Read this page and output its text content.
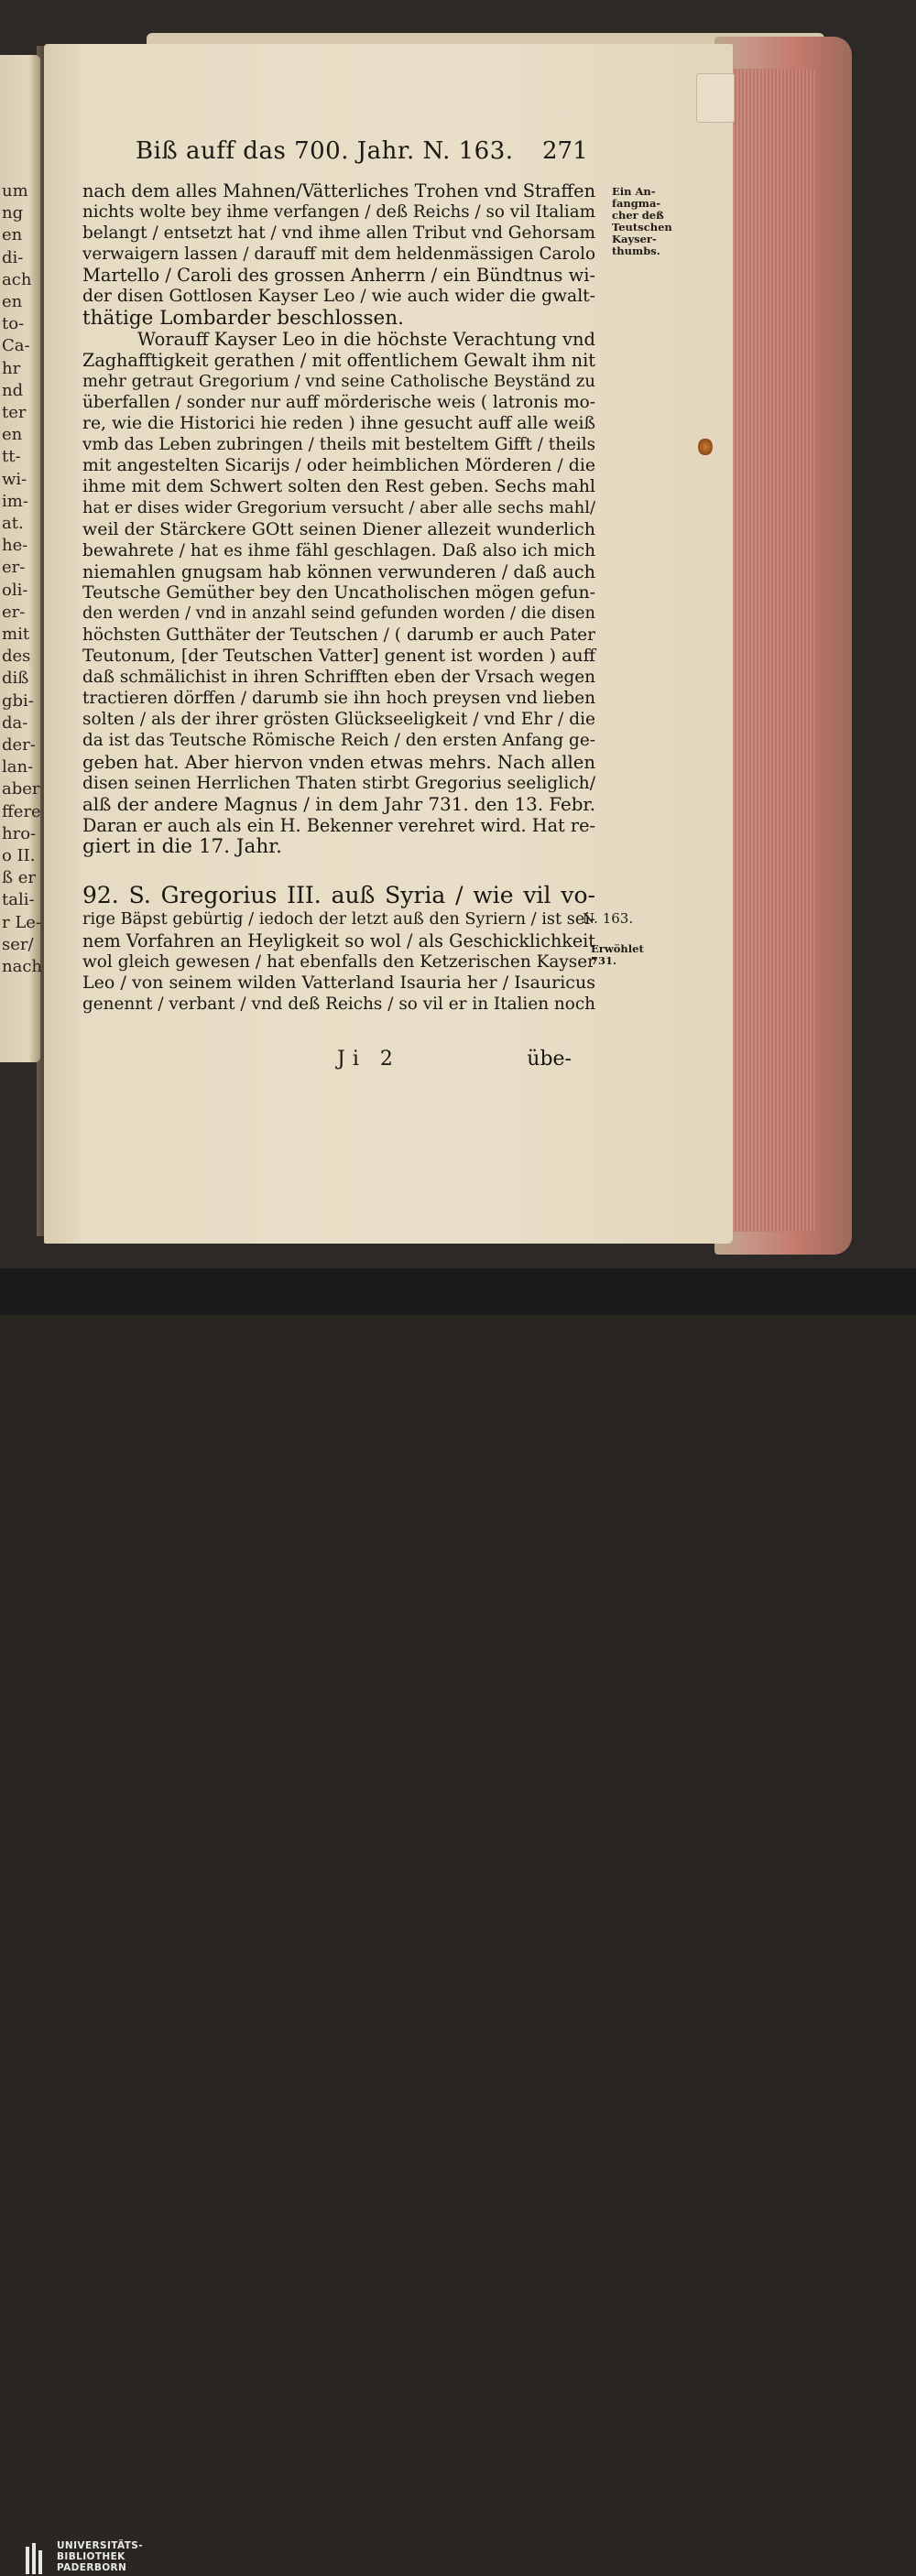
um
ng
en
di-
ach
en
to-
Ca-
hr
nd
ter
en
tt-
wi-
im-
at.
he-
er-
oli-
er-
mit
des
diß
gbi-
da-
der-
lan-
aber
ffere
hro-
o II.
ß er
tali-
r Le-
ser/
nach
Biß auff das 700. Jahr. N. 163. 271
nach dem alles Mahnen/Vätterliches Trohen vnd Straffen
nichts wolte bey ihme verfangen / deß Reichs / so vil Italiam
belangt / entsetzt hat / vnd ihme allen Tribut vnd Gehorsam
verwaigern lassen / darauff mit dem heldenmässigen Carolo
Martello / Caroli des grossen Anherrn / ein Bündtnus wi-
der disen Gottlosen Kayser Leo / wie auch wider die gwalt-
thätige Lombarder beschlossen.
Worauff Kayser Leo in die höchste Verachtung vnd
Zaghafftigkeit gerathen / mit offentlichem Gewalt ihm nit
mehr getraut Gregorium / vnd seine Catholische Beyständ zu
überfallen / sonder nur auff mörderische weis ( latronis mo-
re, wie die Historici hie reden ) ihne gesucht auff alle weiß
vmb das Leben zubringen / theils mit besteltem Gifft / theils
mit angestelten Sicarijs / oder heimblichen Mörderen / die
ihme mit dem Schwert solten den Rest geben. Sechs mahl
hat er dises wider Gregorium versucht / aber alle sechs mahl/
weil der Stärckere GOtt seinen Diener allezeit wunderlich
bewahrete / hat es ihme fähl geschlagen. Daß also ich mich
niemahlen gnugsam hab können verwunderen / daß auch
Teutsche Gemüther bey den Uncatholischen mögen gefun-
den werden / vnd in anzahl seind gefunden worden / die disen
höchsten Gutthäter der Teutschen / ( darumb er auch Pater
Teutonum, [der Teutschen Vatter] genent ist worden ) auff
daß schmälichist in ihren Schrifften eben der Vrsach wegen
tractieren dörffen / darumb sie ihn hoch preysen vnd lieben
solten / als der ihrer grösten Glückseeligkeit / vnd Ehr / die
da ist das Teutsche Römische Reich / den ersten Anfang ge-
geben hat. Aber hiervon vnden etwas mehrs. Nach allen
disen seinen Herrlichen Thaten stirbt Gregorius seeliglich/
alß der andere Magnus / in dem Jahr 731. den 13. Febr.
Daran er auch als ein H. Bekenner verehret wird. Hat re-
giert in die 17. Jahr.
92. S. Gregorius III. auß Syria / wie vil vo-
rige Bäpst gebürtig / iedoch der letzt auß den Syriern / ist sei-
nem Vorfahren an Heyligkeit so wol / als Geschicklichkeit
wol gleich gewesen / hat ebenfalls den Ketzerischen Kayser
Leo / von seinem wilden Vatterland Isauria her / Isauricus
genennt / verbant / vnd deß Reichs / so vil er in Italien noch
Ji 2	übe-
Ein An-
fangma-
cher deß
Teutschen
Kayser-
thumbs.
N. 163.
Erwöhlet
731.
UNIVERSITÄTS-
BIBLIOTHEK
PADERBORN
